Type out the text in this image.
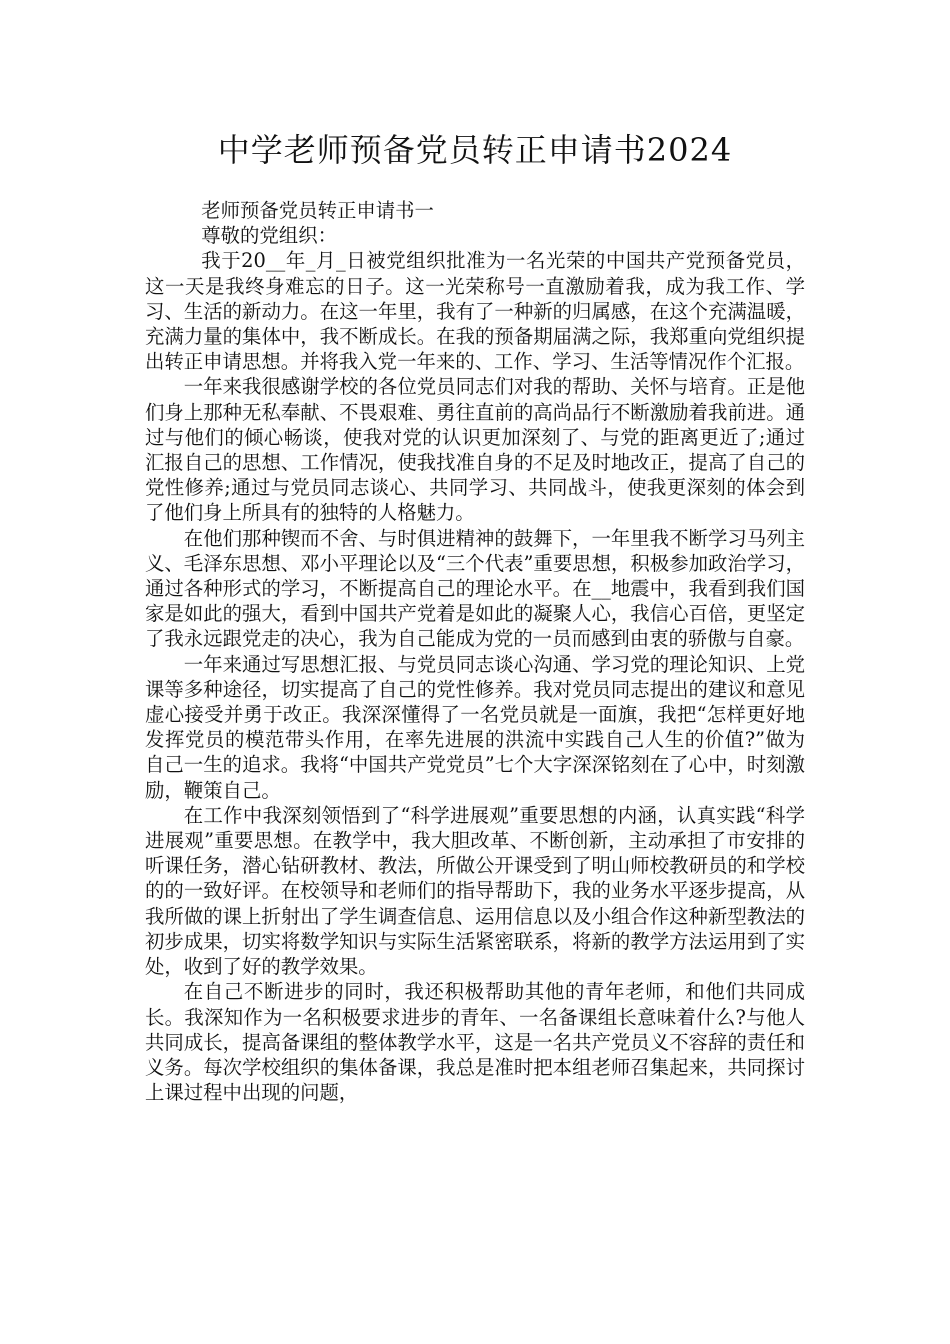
中学老师预备党员转正申请书2024

老师预备党员转正申请书一

尊敬的党组织：

我于20__年_月_日被党组织批准为一名光荣的中国共产党预备党员，这一天是我终身难忘的日子。这一光荣称号一直激励着我，成为我工作、学习、生活的新动力。在这一年里，我有了一种新的归属感，在这个充满温暖，充满力量的集体中，我不断成长。在我的预备期届满之际，我郑重向党组织提出转正申请思想。并将我入党一年来的、工作、学习、生活等情况作个汇报。

一年来我很感谢学校的各位党员同志们对我的帮助、关怀与培育。正是他们身上那种无私奉献、不畏艰难、勇往直前的高尚品行不断激励着我前进。通过与他们的倾心畅谈，使我对党的认识更加深刻了、与党的距离更近了;通过汇报自己的思想、工作情况，使我找准自身的不足及时地改正，提高了自己的党性修养;通过与党员同志谈心、共同学习、共同战斗，使我更深刻的体会到了他们身上所具有的独特的人格魅力。

在他们那种锲而不舍、与时俱进精神的鼓舞下，一年里我不断学习马列主义、毛泽东思想、邓小平理论以及“三个代表”重要思想，积极参加政治学习，通过各种形式的学习，不断提高自己的理论水平。在__地震中，我看到我们国家是如此的强大，看到中国共产党着是如此的凝聚人心，我信心百倍，更坚定了我永远跟党走的决心，我为自己能成为党的一员而感到由衷的骄傲与自豪。

一年来通过写思想汇报、与党员同志谈心沟通、学习党的理论知识、上党课等多种途径，切实提高了自己的党性修养。我对党员同志提出的建议和意见虚心接受并勇于改正。我深深懂得了一名党员就是一面旗，我把“怎样更好地发挥党员的模范带头作用，在率先进展的洪流中实践自己人生的价值?”做为自己一生的追求。我将“中国共产党党员”七个大字深深铭刻在了心中，时刻激励，鞭策自己。

在工作中我深刻领悟到了“科学进展观”重要思想的内涵，认真实践“科学进展观”重要思想。在教学中，我大胆改革、不断创新，主动承担了市安排的听课任务，潜心钻研教材、教法，所做公开课受到了明山师校教研员的和学校的的一致好评。在校领导和老师们的指导帮助下，我的业务水平逐步提高，从我所做的课上折射出了学生调查信息、运用信息以及小组合作这种新型教法的初步成果，切实将数学知识与实际生活紧密联系，将新的教学方法运用到了实处，收到了好的教学效果。

在自己不断进步的同时，我还积极帮助其他的青年老师，和他们共同成长。我深知作为一名积极要求进步的青年、一名备课组长意味着什么?与他人共同成长，提高备课组的整体教学水平，这是一名共产党员义不容辞的责任和义务。每次学校组织的集体备课，我总是准时把本组老师召集起来，共同探讨上课过程中出现的问题，
